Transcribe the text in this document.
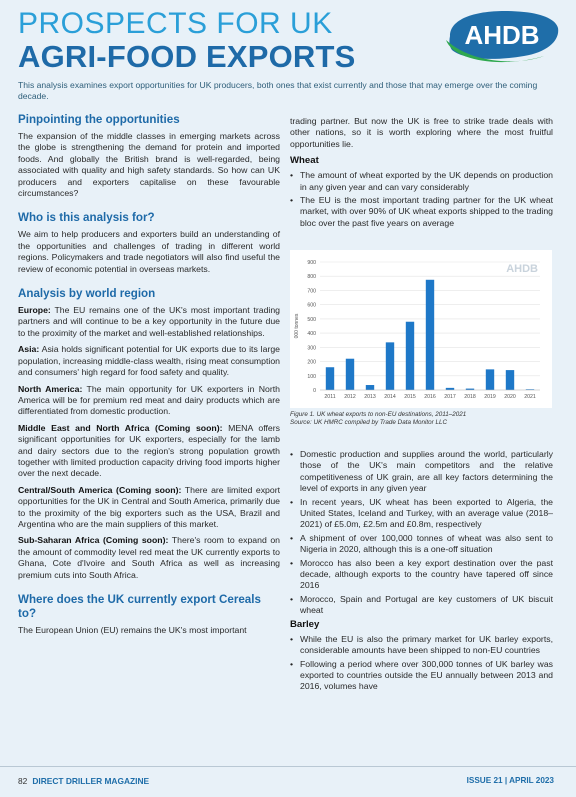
PROSPECTS FOR UK
AGRI-FOOD EXPORTS
AHDB
This analysis examines export opportunities for UK producers, both ones that exist currently and those that may emerge over the coming decade.
Pinpointing the opportunities
The expansion of the middle classes in emerging markets across the globe is strengthening the demand for protein and imported foods. And globally the British brand is well-regarded, being associated with quality and high safety standards. So how can UK producers and exporters capitalise on these favourable circumstances?
Who is this analysis for?
We aim to help producers and exporters build an understanding of the opportunities and challenges of trading in different world regions. Policymakers and trade negotiators will also find useful the review of economic potential in overseas markets.
Analysis by world region
Europe: The EU remains one of the UK's most important trading partners and will continue to be a key opportunity in the future due to the proximity of the market and well-established relationships.
Asia: Asia holds significant potential for UK exports due to its large population, increasing middle-class wealth, rising meat consumption and consumers' high regard for food safety and quality.
North America: The main opportunity for UK exporters in North America will be for premium red meat and dairy products which are differentiated from domestic production.
Middle East and North Africa (Coming soon): MENA offers significant opportunities for UK exporters, especially for the lamb and dairy sectors due to the region's strong population growth together with limited production capacity driving food imports higher over the next decade.
Central/South America (Coming soon): There are limited export opportunities for the UK in Central and South America, primarily due to the proximity of the big exporters such as the USA, Brazil and Argentina who are the main suppliers of this market.
Sub-Saharan Africa (Coming soon): There's room to expand on the amount of commodity level red meat the UK currently exports to Ghana, Cote d'Ivoire and South Africa as well as increasing premium cuts into South Africa.
Where does the UK currently export Cereals to?
The European Union (EU) remains the UK's most important
trading partner. But now the UK is free to strike trade deals with other nations, so it is worth exploring where the most fruitful opportunities lie.
Wheat
• The amount of wheat exported by the UK depends on production in any given year and can vary considerably
• The EU is the most important trading partner for the UK wheat market, with over 90% of UK wheat exports shipped to the trading bloc over the past five years on average
0
100
200
300
400
500
600
700
800
900
000 tonnes
AHDB
2011 2012 2013 2014 2015 2016 2017 2018 2019 2020 2021
Figure 1. UK wheat exports to non-EU destinations, 2011–2021
Source: UK HMRC compiled by Trade Data Monitor LLC
• Domestic production and supplies around the world, particularly those of the UK's main competitors and the relative competitiveness of UK grain, are all key factors determining the level of exports in any given year
• In recent years, UK wheat has been exported to Algeria, the United States, Iceland and Turkey, with an average value (2018–2021) of £5.0m, £2.5m and £0.8m, respectively
• A shipment of over 100,000 tonnes of wheat was also sent to Nigeria in 2020, although this is a one-off situation
• Morocco has also been a key export destination over the past decade, although exports to the country have tapered off since 2016
• Morocco, Spain and Portugal are key customers of UK biscuit wheat
Barley
• While the EU is also the primary market for UK barley exports, considerable amounts have been shipped to non-EU countries
• Following a period where over 300,000 tonnes of UK barley was exported to countries outside the EU annually between 2013 and 2016, volumes have
82 DIRECT DRILLER MAGAZINE	ISSUE 21 | APRIL 2023
